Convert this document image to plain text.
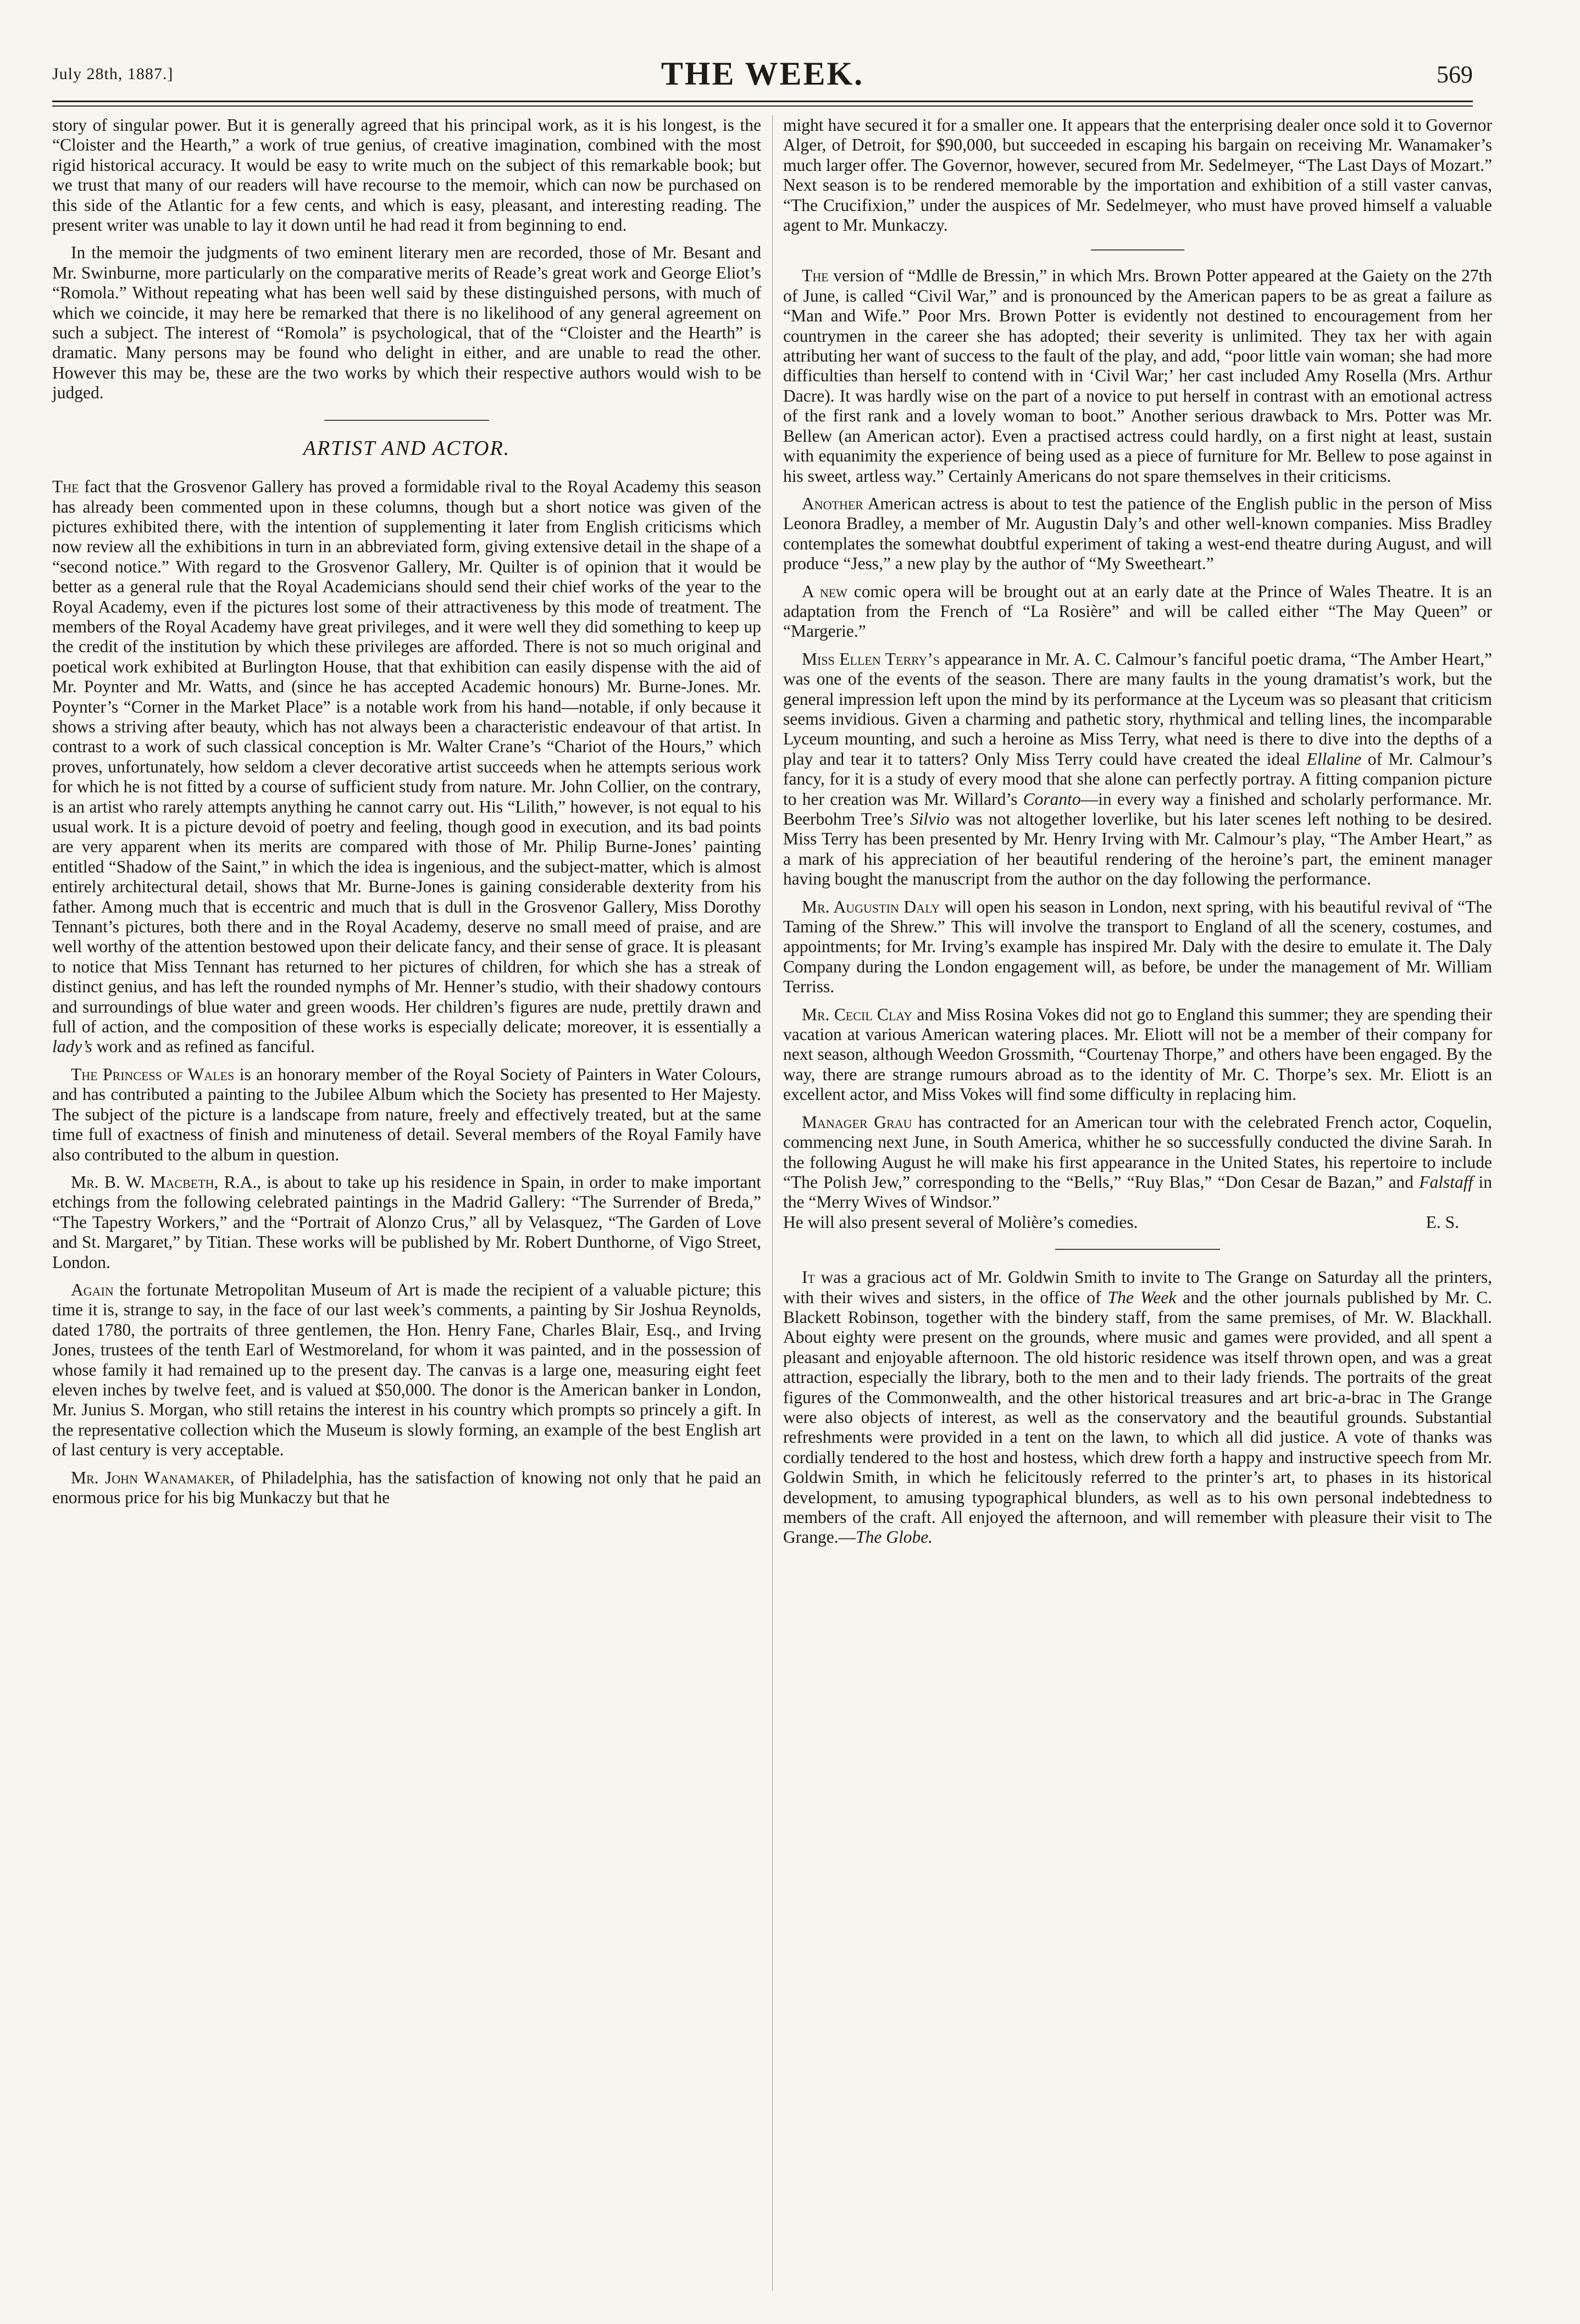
July 28th, 1887.]	THE WEEK.	569

story of singular power. But it is generally agreed that his principal work, as it is his longest, is the “Cloister and the Hearth,” a work of true genius, of creative imagination, combined with the most rigid historical accuracy. It would be easy to write much on the subject of this remarkable book; but we trust that many of our readers will have recourse to the memoir, which can now be purchased on this side of the Atlantic for a few cents, and which is easy, pleasant, and interesting reading. The present writer was unable to lay it down until he had read it from beginning to end.

In the memoir the judgments of two eminent literary men are recorded, those of Mr. Besant and Mr. Swinburne, more particularly on the comparative merits of Reade’s great work and George Eliot’s “Romola.” Without repeating what has been well said by these distinguished persons, with much of which we coincide, it may here be remarked that there is no likelihood of any general agreement on such a subject. The interest of “Romola” is psychological, that of the “Cloister and the Hearth” is dramatic. Many persons may be found who delight in either, and are unable to read the other. However this may be, these are the two works by which their respective authors would wish to be judged.

ARTIST AND ACTOR.

The fact that the Grosvenor Gallery has proved a formidable rival to the Royal Academy this season has already been commented upon in these columns, though but a short notice was given of the pictures exhibited there, with the intention of supplementing it later from English criticisms which now review all the exhibitions in turn in an abbreviated form, giving extensive detail in the shape of a “second notice.” With regard to the Grosvenor Gallery, Mr. Quilter is of opinion that it would be better as a general rule that the Royal Academicians should send their chief works of the year to the Royal Academy, even if the pictures lost some of their attractiveness by this mode of treatment. The members of the Royal Academy have great privileges, and it were well they did something to keep up the credit of the institution by which these privileges are afforded. There is not so much original and poetical work exhibited at Burlington House, that that exhibition can easily dispense with the aid of Mr. Poynter and Mr. Watts, and (since he has accepted Academic honours) Mr. Burne-Jones. Mr. Poynter’s “Corner in the Market Place” is a notable work from his hand—notable, if only because it shows a striving after beauty, which has not always been a characteristic endeavour of that artist. In contrast to a work of such classical conception is Mr. Walter Crane’s “Chariot of the Hours,” which proves, unfortunately, how seldom a clever decorative artist succeeds when he attempts serious work for which he is not fitted by a course of sufficient study from nature. Mr. John Collier, on the contrary, is an artist who rarely attempts anything he cannot carry out. His “Lilith,” however, is not equal to his usual work. It is a picture devoid of poetry and feeling, though good in execution, and its bad points are very apparent when its merits are compared with those of Mr. Philip Burne-Jones’ painting entitled “Shadow of the Saint,” in which the idea is ingenious, and the subject-matter, which is almost entirely architectural detail, shows that Mr. Burne-Jones is gaining considerable dexterity from his father. Among much that is eccentric and much that is dull in the Grosvenor Gallery, Miss Dorothy Tennant’s pictures, both there and in the Royal Academy, deserve no small meed of praise, and are well worthy of the attention bestowed upon their delicate fancy, and their sense of grace. It is pleasant to notice that Miss Tennant has returned to her pictures of children, for which she has a streak of distinct genius, and has left the rounded nymphs of Mr. Henner’s studio, with their shadowy contours and surroundings of blue water and green woods. Her children’s figures are nude, prettily drawn and full of action, and the composition of these works is especially delicate; moreover, it is essentially a lady’s work and as refined as fanciful.

The Princess of Wales is an honorary member of the Royal Society of Painters in Water Colours, and has contributed a painting to the Jubilee Album which the Society has presented to Her Majesty. The subject of the picture is a landscape from nature, freely and effectively treated, but at the same time full of exactness of finish and minuteness of detail. Several members of the Royal Family have also contributed to the album in question.

Mr. B. W. Macbeth, R.A., is about to take up his residence in Spain, in order to make important etchings from the following celebrated paintings in the Madrid Gallery: “The Surrender of Breda,” “The Tapestry Workers,” and the “Portrait of Alonzo Crus,” all by Velasquez, “The Garden of Love and St. Margaret,” by Titian. These works will be published by Mr. Robert Dunthorne, of Vigo Street, London.

Again the fortunate Metropolitan Museum of Art is made the recipient of a valuable picture; this time it is, strange to say, in the face of our last week’s comments, a painting by Sir Joshua Reynolds, dated 1780, the portraits of three gentlemen, the Hon. Henry Fane, Charles Blair, Esq., and Irving Jones, trustees of the tenth Earl of Westmoreland, for whom it was painted, and in the possession of whose family it had remained up to the present day. The canvas is a large one, measuring eight feet eleven inches by twelve feet, and is valued at $50,000. The donor is the American banker in London, Mr. Junius S. Morgan, who still retains the interest in his country which prompts so princely a gift. In the representative collection which the Museum is slowly forming, an example of the best English art of last century is very acceptable.

Mr. John Wanamaker, of Philadelphia, has the satisfaction of knowing not only that he paid an enormous price for his big Munkaczy but that he

might have secured it for a smaller one. It appears that the enterprising dealer once sold it to Governor Alger, of Detroit, for $90,000, but succeeded in escaping his bargain on receiving Mr. Wanamaker’s much larger offer. The Governor, however, secured from Mr. Sedelmeyer, “The Last Days of Mozart.” Next season is to be rendered memorable by the importation and exhibition of a still vaster canvas, “The Crucifixion,” under the auspices of Mr. Sedelmeyer, who must have proved himself a valuable agent to Mr. Munkaczy.

The version of “Mdlle de Bressin,” in which Mrs. Brown Potter appeared at the Gaiety on the 27th of June, is called “Civil War,” and is pronounced by the American papers to be as great a failure as “Man and Wife.” Poor Mrs. Brown Potter is evidently not destined to encouragement from her countrymen in the career she has adopted; their severity is unlimited. They tax her with again attributing her want of success to the fault of the play, and add, “poor little vain woman; she had more difficulties than herself to contend with in ‘Civil War;’ her cast included Amy Rosella (Mrs. Arthur Dacre). It was hardly wise on the part of a novice to put herself in contrast with an emotional actress of the first rank and a lovely woman to boot.” Another serious drawback to Mrs. Potter was Mr. Bellew (an American actor). Even a practised actress could hardly, on a first night at least, sustain with equanimity the experience of being used as a piece of furniture for Mr. Bellew to pose against in his sweet, artless way.” Certainly Americans do not spare themselves in their criticisms.

Another American actress is about to test the patience of the English public in the person of Miss Leonora Bradley, a member of Mr. Augustin Daly’s and other well-known companies. Miss Bradley contemplates the somewhat doubtful experiment of taking a west-end theatre during August, and will produce “Jess,” a new play by the author of “My Sweetheart.”

A new comic opera will be brought out at an early date at the Prince of Wales Theatre. It is an adaptation from the French of “La Rosière” and will be called either “The May Queen” or “Margerie.”

Miss Ellen Terry’s appearance in Mr. A. C. Calmour’s fanciful poetic drama, “The Amber Heart,” was one of the events of the season. There are many faults in the young dramatist’s work, but the general impression left upon the mind by its performance at the Lyceum was so pleasant that criticism seems invidious. Given a charming and pathetic story, rhythmical and telling lines, the incomparable Lyceum mounting, and such a heroine as Miss Terry, what need is there to dive into the depths of a play and tear it to tatters? Only Miss Terry could have created the ideal Ellaline of Mr. Calmour’s fancy, for it is a study of every mood that she alone can perfectly portray. A fitting companion picture to her creation was Mr. Willard’s Coranto—in every way a finished and scholarly performance. Mr. Beerbohm Tree’s Silvio was not altogether loverlike, but his later scenes left nothing to be desired. Miss Terry has been presented by Mr. Henry Irving with Mr. Calmour’s play, “The Amber Heart,” as a mark of his appreciation of her beautiful rendering of the heroine’s part, the eminent manager having bought the manuscript from the author on the day following the performance.

Mr. Augustin Daly will open his season in London, next spring, with his beautiful revival of “The Taming of the Shrew.” This will involve the transport to England of all the scenery, costumes, and appointments; for Mr. Irving’s example has inspired Mr. Daly with the desire to emulate it. The Daly Company during the London engagement will, as before, be under the management of Mr. William Terriss.

Mr. Cecil Clay and Miss Rosina Vokes did not go to England this summer; they are spending their vacation at various American watering places. Mr. Eliott will not be a member of their company for next season, although Weedon Grossmith, “Courtenay Thorpe,” and others have been engaged. By the way, there are strange rumours abroad as to the identity of Mr. C. Thorpe’s sex. Mr. Eliott is an excellent actor, and Miss Vokes will find some difficulty in replacing him.

Manager Grau has contracted for an American tour with the celebrated French actor, Coquelin, commencing next June, in South America, whither he so successfully conducted the divine Sarah. In the following August he will make his first appearance in the United States, his repertoire to include “The Polish Jew,” corresponding to the “Bells,” “Ruy Blas,” “Don Cesar de Bazan,” and Falstaff in the “Merry Wives of Windsor.”

He will also present several of Molière’s comedies.	E. S.

It was a gracious act of Mr. Goldwin Smith to invite to The Grange on Saturday all the printers, with their wives and sisters, in the office of The Week and the other journals published by Mr. C. Blackett Robinson, together with the bindery staff, from the same premises, of Mr. W. Blackhall. About eighty were present on the grounds, where music and games were provided, and all spent a pleasant and enjoyable afternoon. The old historic residence was itself thrown open, and was a great attraction, especially the library, both to the men and to their lady friends. The portraits of the great figures of the Commonwealth, and the other historical treasures and art bric-a-brac in The Grange were also objects of interest, as well as the conservatory and the beautiful grounds. Substantial refreshments were provided in a tent on the lawn, to which all did justice. A vote of thanks was cordially tendered to the host and hostess, which drew forth a happy and instructive speech from Mr. Goldwin Smith, in which he felicitously referred to the printer’s art, to phases in its historical development, to amusing typographical blunders, as well as to his own personal indebtedness to members of the craft. All enjoyed the afternoon, and will remember with pleasure their visit to The Grange.—The Globe.
